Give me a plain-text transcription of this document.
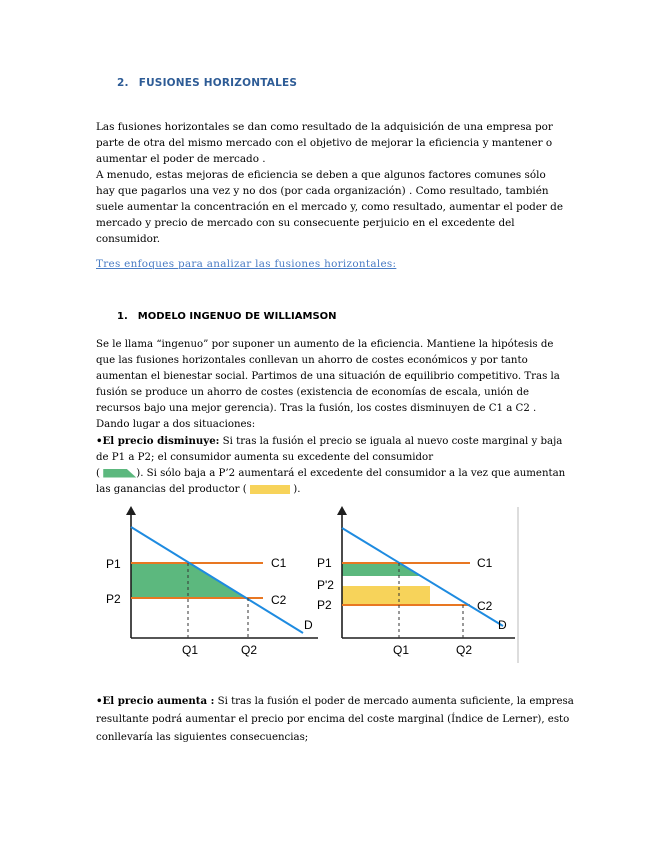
2. FUSIONES HORIZONTALES
Las fusiones horizontales se dan como resultado de la adquisición de una empresa por parte de otra del mismo mercado con el objetivo de mejorar la eficiencia y mantener o aumentar el poder de mercado .
A menudo, estas mejoras de eficiencia se deben a que algunos factores comunes sólo hay que pagarlos una vez y no dos (por cada organización) . Como resultado, también suele aumentar la concentración en el mercado y, como resultado, aumentar el poder de mercado y precio de mercado con su consecuente perjuicio en el excedente del consumidor.
Tres enfoques para analizar las fusiones horizontales:
1. MODELO INGENUO DE WILLIAMSON
Se le llama “ingenuo” por suponer un aumento de la eficiencia. Mantiene la hipótesis de que las fusiones horizontales conllevan un ahorro de costes económicos y por tanto aumentan el bienestar social. Partimos de una situación de equilibrio competitivo. Tras la fusión se produce un ahorro de costes (existencia de economías de escala, unión de recursos bajo una mejor gerencia). Tras la fusión, los costes disminuyen de C1 a C2 . Dando lugar a dos situaciones:
•El precio disminuye: Si tras la fusión el precio se iguala al nuevo coste marginal y baja de P1 a P2; el consumidor aumenta su excedente del consumidor
(	). Si sólo baja a P’2 aumentará el excedente del consumidor a la vez que aumentan las ganancias del productor (	).
P1
P2
C1
C2
D
Q1	Q2
P1
P'2
P2
C1
C2
D
Q1	Q2
•El precio aumenta : Si tras la fusión el poder de mercado aumenta suficiente, la empresa resultante podrá aumentar el precio por encima del coste marginal (Índice de Lerner), esto conllevaría las siguientes consecuencias;
